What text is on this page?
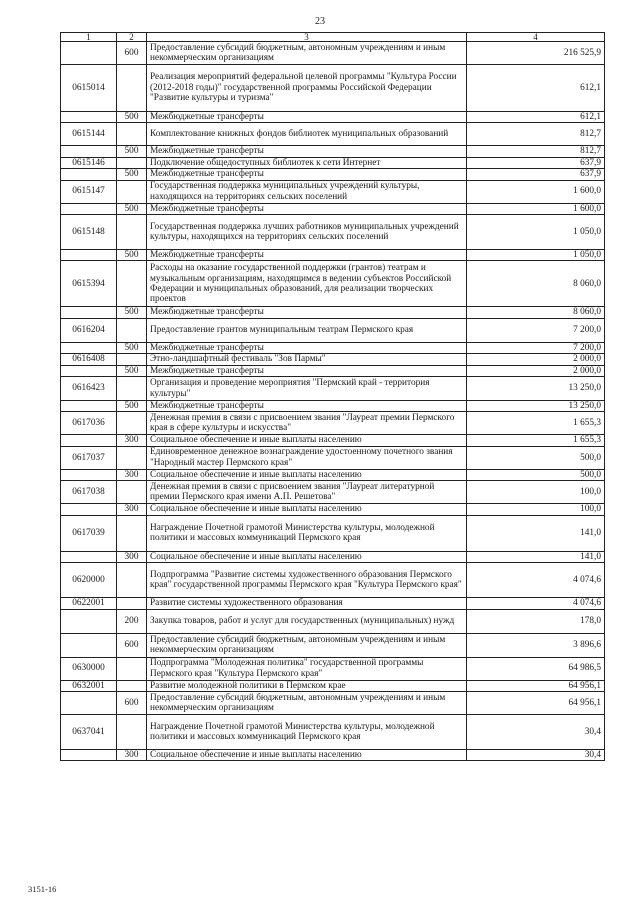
23
1	2	3	4
	600	Предоставление субсидий бюджетным, автономным учреждениям и иным некоммерческим организациям	216 525,9
0615014		Реализация мероприятий федеральной целевой программы "Культура России (2012-2018 годы)" государственной программы Российской Федерации "Развитие культуры и туризма"	612,1
	500	Межбюджетные трансферты	612,1
0615144		Комплектование книжных фондов библиотек муниципальных образований	812,7
	500	Межбюджетные трансферты	812,7
0615146		Подключение общедоступных библиотек к сети Интернет	637,9
	500	Межбюджетные трансферты	637,9
0615147		Государственная поддержка муниципальных учреждений культуры, находящихся на территориях сельских поселений	1 600,0
	500	Межбюджетные трансферты	1 600,0
0615148		Государственная поддержка лучших работников муниципальных учреждений культуры, находящихся на территориях сельских поселений	1 050,0
	500	Межбюджетные трансферты	1 050,0
0615394		Расходы на оказание государственной поддержки (грантов) театрам и музыкальным организациям, находящимся в ведении субъектов Российской Федерации и муниципальных образований, для реализации творческих проектов	8 060,0
	500	Межбюджетные трансферты	8 060,0
0616204		Предоставление грантов муниципальным театрам Пермского края	7 200,0
	500	Межбюджетные трансферты	7 200,0
0616408		Этно-ландшафтный фестиваль "Зов Пармы"	2 000,0
	500	Межбюджетные трансферты	2 000,0
0616423		Организация и проведение мероприятия "Пермский край - территория культуры"	13 250,0
	500	Межбюджетные трансферты	13 250,0
0617036		Денежная премия в связи с присвоением звания "Лауреат премии Пермского края в сфере культуры и искусства"	1 655,3
	300	Социальное обеспечение и иные выплаты населению	1 655,3
0617037		Единовременное денежное вознаграждение удостоенному почетного звания "Народный мастер Пермского края"	500,0
	300	Социальное обеспечение и иные выплаты населению	500,0
0617038		Денежная премия в связи с присвоением звания "Лауреат литературной премии Пермского края имени А.П. Решетова"	100,0
	300	Социальное обеспечение и иные выплаты населению	100,0
0617039		Награждение Почетной грамотой Министерства культуры, молодежной политики и массовых коммуникаций Пермского края	141,0
	300	Социальное обеспечение и иные выплаты населению	141,0
0620000		Подпрограмма "Развитие системы художественного образования Пермского края" государственной программы Пермского края "Культура Пермского края"	4 074,6
0622001		Развитие системы художественного образования	4 074,6
	200	Закупка товаров, работ и услуг для государственных (муниципальных) нужд	178,0
	600	Предоставление субсидий бюджетным, автономным учреждениям и иным некоммерческим организациям	3 896,6
0630000		Подпрограмма "Молодежная политика" государственной программы Пермского края "Культура Пермского края"	64 986,5
0632001		Развитие молодежной политики в Пермском крае	64 956,1
	600	Предоставление субсидий бюджетным, автономным учреждениям и иным некоммерческим организациям	64 956,1
0637041		Награждение Почетной грамотой Министерства культуры, молодежной политики и массовых коммуникаций Пермского края	30,4
	300	Социальное обеспечение и иные выплаты населению	30,4
3151-16
